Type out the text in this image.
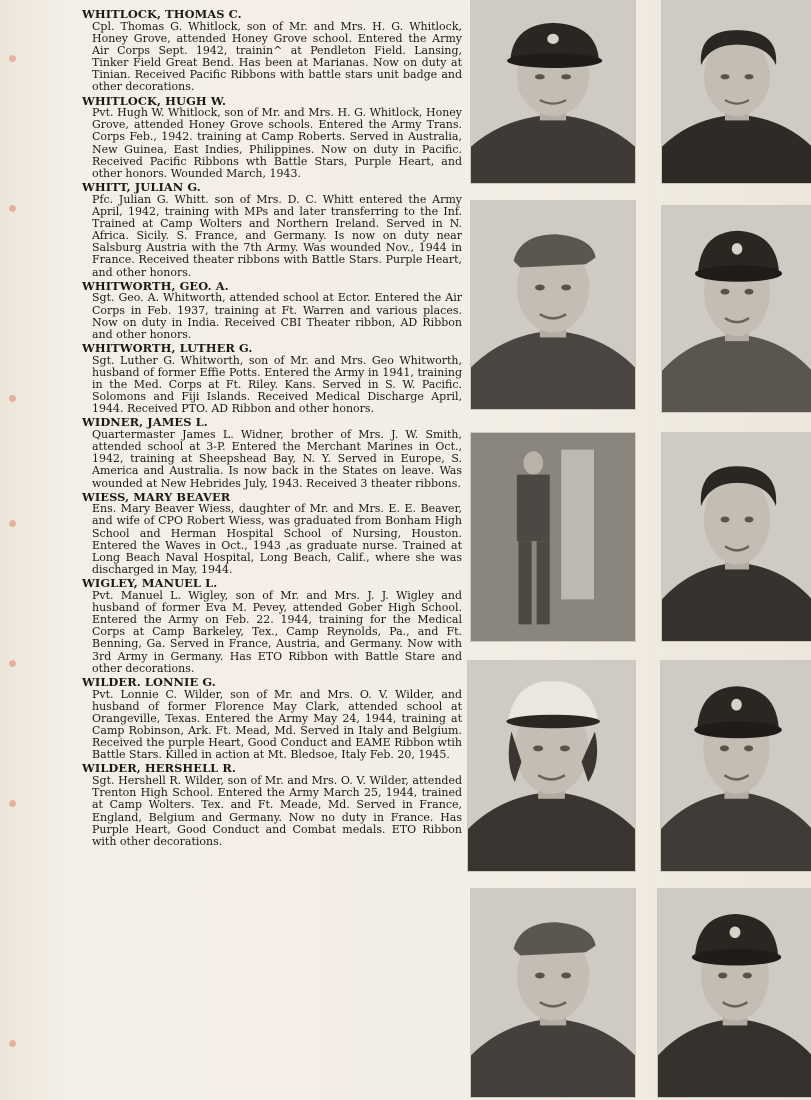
WHITLOCK, THOMAS C.
Cpl. Thomas G. Whitlock, son of Mr. and Mrs. H. G. Whitlock, Honey Grove, attended Honey Grove school. Entered the Army Air Corps Sept. 1942, trainin^ at Pendleton Field. Lansing, Tinker Field Great Bend. Has been at Marianas. Now on duty at Tinian. Received Pacific Ribbons with battle stars unit badge and other decorations.
WHITLOCK, HUGH W.
Pvt. Hugh W. Whitlock, son of Mr. and Mrs. H. G. Whitlock, Honey Grove, attended Honey Grove schools. Entered the Army Trans. Corps Feb., 1942. training at Camp Roberts. Served in Australia, New Guinea, East Indies, Philippines. Now on duty in Pacific. Received Pacific Ribbons wth Battle Stars, Purple Heart, and other honors. Wounded March, 1943.
WHITT, JULIAN G.
Pfc. Julian G. Whitt. son of Mrs. D. C. Whitt entered the Army April, 1942, training with MPs and later transferring to the Inf. Trained at Camp Wolters and Northern Ireland. Served in N. Africa. Sicily. S. France, and Germany. Is now on duty near Salsburg Austria with the 7th Army. Was wounded Nov., 1944 in France. Received theater ribbons with Battle Stars. Purple Heart, and other honors.
WHITWORTH, GEO. A.
Sgt. Geo. A. Whitworth, attended school at Ector. Entered the Air Corps in Feb. 1937, training at Ft. Warren and various places. Now on duty in India. Received CBI Theater ribbon, AD Ribbon and other honors.
WHITWORTH, LUTHER G.
Sgt. Luther G. Whitworth, son of Mr. and Mrs. Geo Whitworth, husband of former Effie Potts. Entered the Army in 1941, training in the Med. Corps at Ft. Riley. Kans. Served in S. W. Pacific. Solomons and Fiji Islands. Received Medical Discharge April, 1944. Received PTO. AD Ribbon and other honors.
WIDNER, JAMES L.
Quartermaster James L. Widner, brother of Mrs. J. W. Smith, attended school at 3-P. Entered the Merchant Marines in Oct., 1942, training at Sheepshead Bay, N. Y. Served in Europe, S. America and Australia. Is now back in the States on leave. Was wounded at New Hebrides July, 1943. Received 3 theater ribbons.
WIESS, MARY BEAVER
Ens. Mary Beaver Wiess, daughter of Mr. and Mrs. E. E. Beaver, and wife of CPO Robert Wiess, was graduated from Bonham High School and Herman Hospital School of Nursing, Houston. Entered the Waves in Oct., 1943 ,as graduate nurse. Trained at Long Beach Naval Hospital, Long Beach, Calif., where she was discharged in May, 1944.
WIGLEY, MANUEL L.
Pvt. Manuel L. Wigley, son of Mr. and Mrs. J. J. Wigley and husband of former Eva M. Pevey, attended Gober High School. Entered the Army on Feb. 22. 1944, training for the Medical Corps at Camp Barkeley, Tex., Camp Reynolds, Pa., and Ft. Benning, Ga. Served in France, Austria, and Germany. Now with 3rd Army in Germany. Has ETO Ribbon with Battle Stare and other decorations.
WILDER. LONNIE G.
Pvt. Lonnie C. Wilder, son of Mr. and Mrs. O. V. Wilder, and husband of former Florence May Clark, attended school at Orangeville, Texas. Entered the Army May 24, 1944, training at Camp Robinson, Ark. Ft. Mead, Md. Served in Italy and Belgium. Received the purple Heart, Good Conduct and EAME Ribbon wtih Battle Stars. Killed in action at Mt. Bledsoe, Italy Feb. 20, 1945.
WILDER, HERSHELL R.
Sgt. Hershell R. Wilder, son of Mr. and Mrs. O. V. Wilder, attended Trenton High School. Entered the Army March 25, 1944, trained at Camp Wolters. Tex. and Ft. Meade, Md. Served in France, England, Belgium and Germany. Now no duty in France. Has Purple Heart, Good Conduct and Combat medals. ETO Ribbon with other decorations.
